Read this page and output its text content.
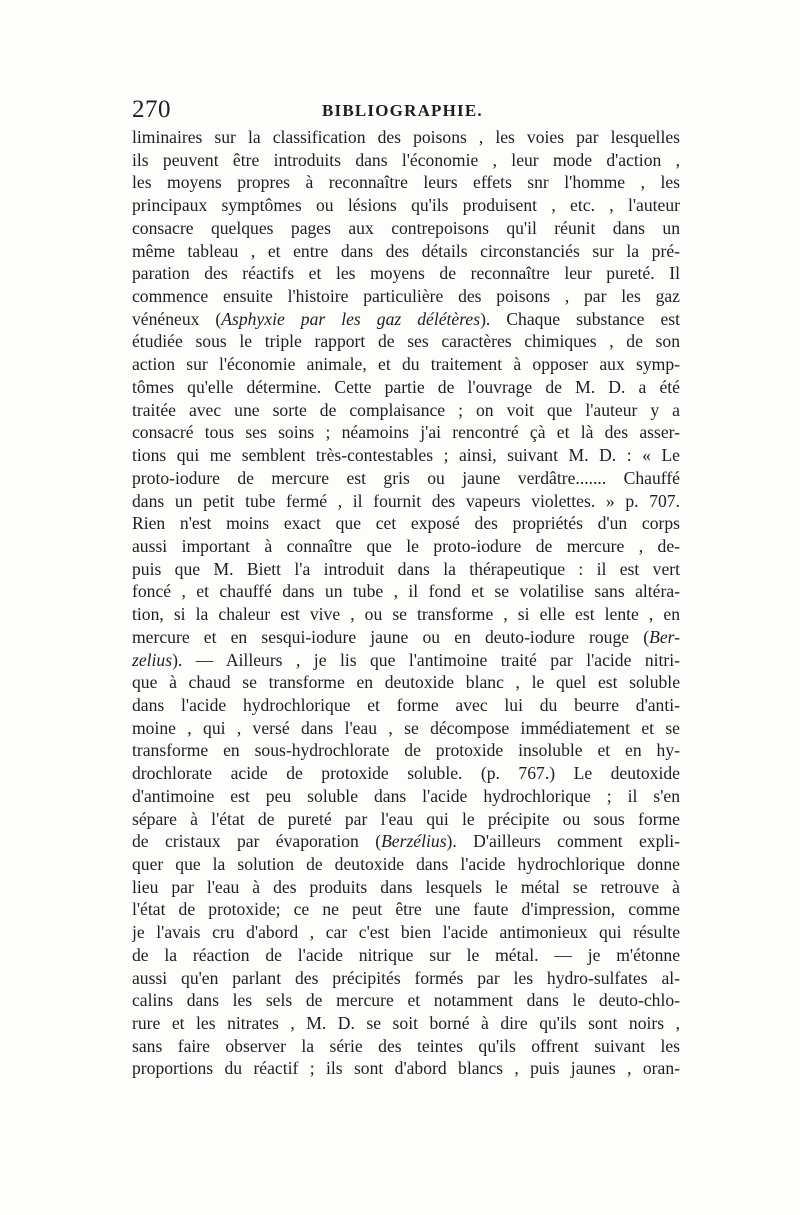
270	BIBLIOGRAPHIE.
liminaires sur la classification des poisons , les voies par lesquelles
ils peuvent être introduits dans l'économie , leur mode d'action ,
les moyens propres à reconnaître leurs effets snr l'homme , les
principaux symptômes ou lésions qu'ils produisent , etc. , l'auteur
consacre quelques pages aux contrepoisons qu'il réunit dans un
même tableau , et entre dans des détails circonstanciés sur la pré-
paration des réactifs et les moyens de reconnaître leur pureté. Il
commence ensuite l'histoire particulière des poisons , par les gaz
vénéneux (Asphyxie par les gaz délétères). Chaque substance est
étudiée sous le triple rapport de ses caractères chimiques , de son
action sur l'économie animale, et du traitement à opposer aux symp-
tômes qu'elle détermine. Cette partie de l'ouvrage de M. D. a été
traitée avec une sorte de complaisance ; on voit que l'auteur y a
consacré tous ses soins ; néamoins j'ai rencontré çà et là des asser-
tions qui me semblent très-contestables ; ainsi, suivant M. D. : « Le
proto-iodure de mercure est gris ou jaune verdâtre....... Chauffé
dans un petit tube fermé , il fournit des vapeurs violettes. » p. 707.
Rien n'est moins exact que cet exposé des propriétés d'un corps
aussi important à connaître que le proto-iodure de mercure , de-
puis que M. Biett l'a introduit dans la thérapeutique : il est vert
foncé , et chauffé dans un tube , il fond et se volatilise sans altéra-
tion, si la chaleur est vive , ou se transforme , si elle est lente , en
mercure et en sesqui-iodure jaune ou en deuto-iodure rouge (Ber-
zelius). — Ailleurs , je lis que l'antimoine traité par l'acide nitri-
que à chaud se transforme en deutoxide blanc , le quel est soluble
dans l'acide hydrochlorique et forme avec lui du beurre d'anti-
moine , qui , versé dans l'eau , se décompose immédiatement et se
transforme en sous-hydrochlorate de protoxide insoluble et en hy-
drochlorate acide de protoxide soluble. (p. 767.) Le deutoxide
d'antimoine est peu soluble dans l'acide hydrochlorique ; il s'en
sépare à l'état de pureté par l'eau qui le précipite ou sous forme
de cristaux par évaporation (Berzélius). D'ailleurs comment expli-
quer que la solution de deutoxide dans l'acide hydrochlorique donne
lieu par l'eau à des produits dans lesquels le métal se retrouve à
l'état de protoxide; ce ne peut être une faute d'impression, comme
je l'avais cru d'abord , car c'est bien l'acide antimonieux qui résulte
de la réaction de l'acide nitrique sur le métal. — je m'étonne
aussi qu'en parlant des précipités formés par les hydro-sulfates al-
calins dans les sels de mercure et notamment dans le deuto-chlo-
rure et les nitrates , M. D. se soit borné à dire qu'ils sont noirs ,
sans faire observer la série des teintes qu'ils offrent suivant les
proportions du réactif ; ils sont d'abord blancs , puis jaunes , oran-
